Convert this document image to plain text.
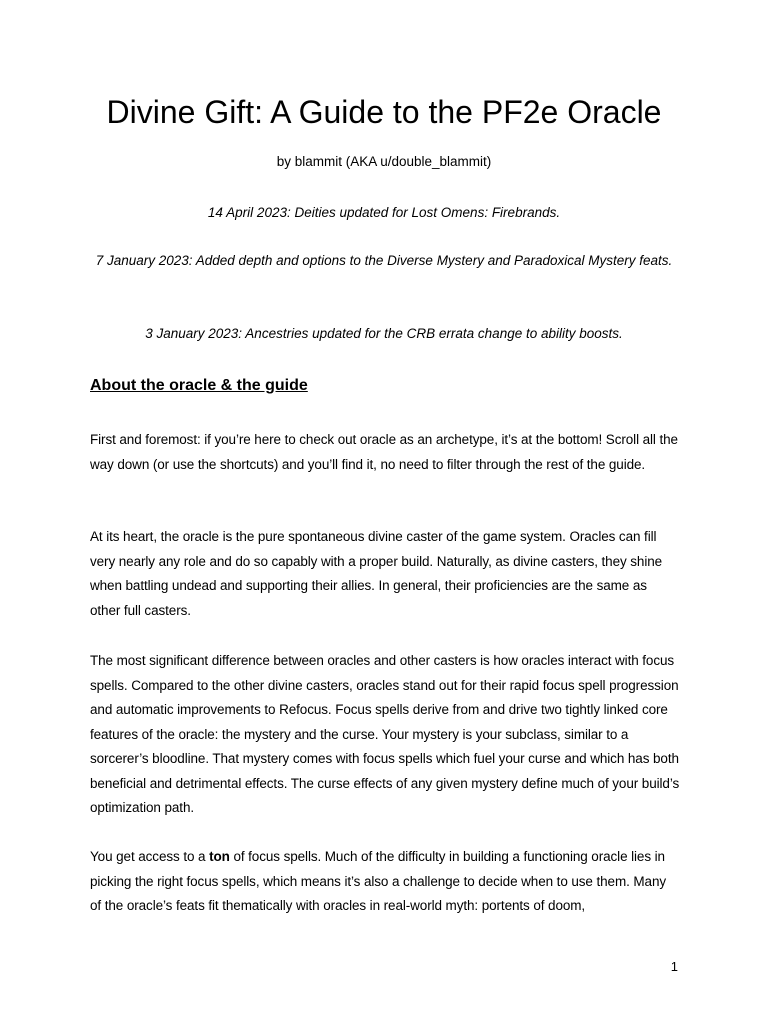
Divine Gift: A Guide to the PF2e Oracle
by blammit (AKA u/double_blammit)
14 April 2023: Deities updated for Lost Omens: Firebrands.
7 January 2023: Added depth and options to the Diverse Mystery and Paradoxical Mystery feats.
3 January 2023: Ancestries updated for the CRB errata change to ability boosts.
About the oracle & the guide

First and foremost: if you’re here to check out oracle as an archetype, it’s at the bottom! Scroll all the way down (or use the shortcuts) and you’ll find it, no need to filter through the rest of the guide.

At its heart, the oracle is the pure spontaneous divine caster of the game system. Oracles can fill very nearly any role and do so capably with a proper build. Naturally, as divine casters, they shine when battling undead and supporting their allies. In general, their proficiencies are the same as other full casters.

The most significant difference between oracles and other casters is how oracles interact with focus spells. Compared to the other divine casters, oracles stand out for their rapid focus spell progression and automatic improvements to Refocus. Focus spells derive from and drive two tightly linked core features of the oracle: the mystery and the curse. Your mystery is your subclass, similar to a sorcerer’s bloodline. That mystery comes with focus spells which fuel your curse and which has both beneficial and detrimental effects. The curse effects of any given mystery define much of your build’s optimization path.

You get access to a ton of focus spells. Much of the difficulty in building a functioning oracle lies in picking the right focus spells, which means it’s also a challenge to decide when to use them. Many of the oracle’s feats fit thematically with oracles in real-world myth: portents of doom,

1
